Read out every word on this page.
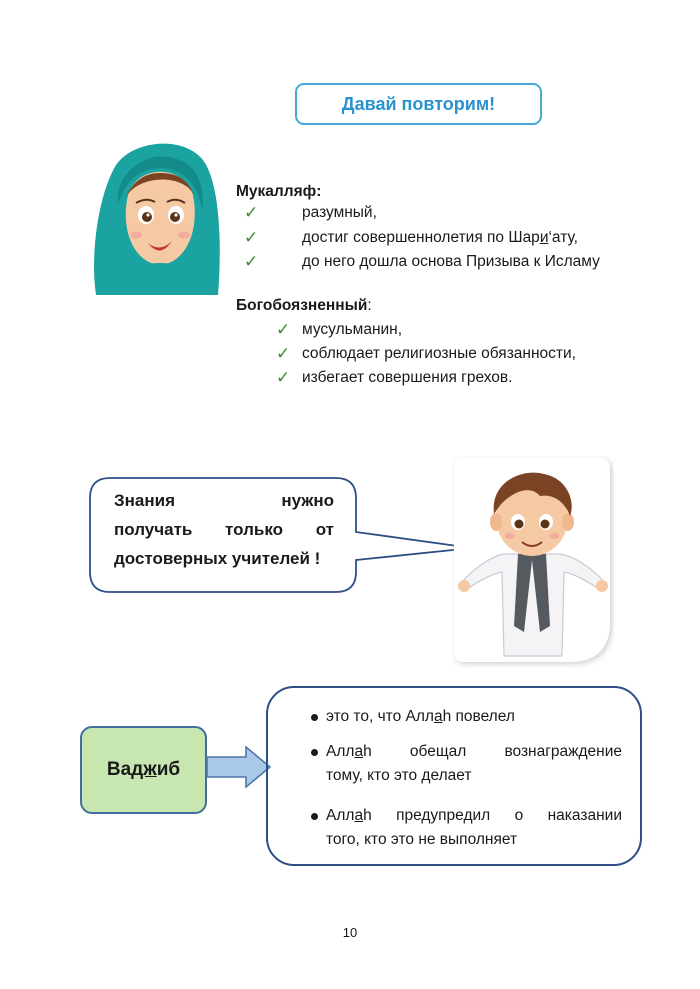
Давай повторим!
Мукалляф:
✓	разумный,
✓	достиг совершеннолетия по Шари‘ату,
✓	до него дошла основа Призыва к Исламу
Богобоязненный:
✓ мусульманин,
✓ соблюдает религиозные обязанности,
✓ избегает совершения грехов.
Знания	нужно
получать только от
достоверных учителей !
Ваджиб
это то, что Аллаh повелел
Аллаh обещал вознаграждение
тому, кто это делает
Аллаh предупредил о наказании
того, кто это не выполняет
10
